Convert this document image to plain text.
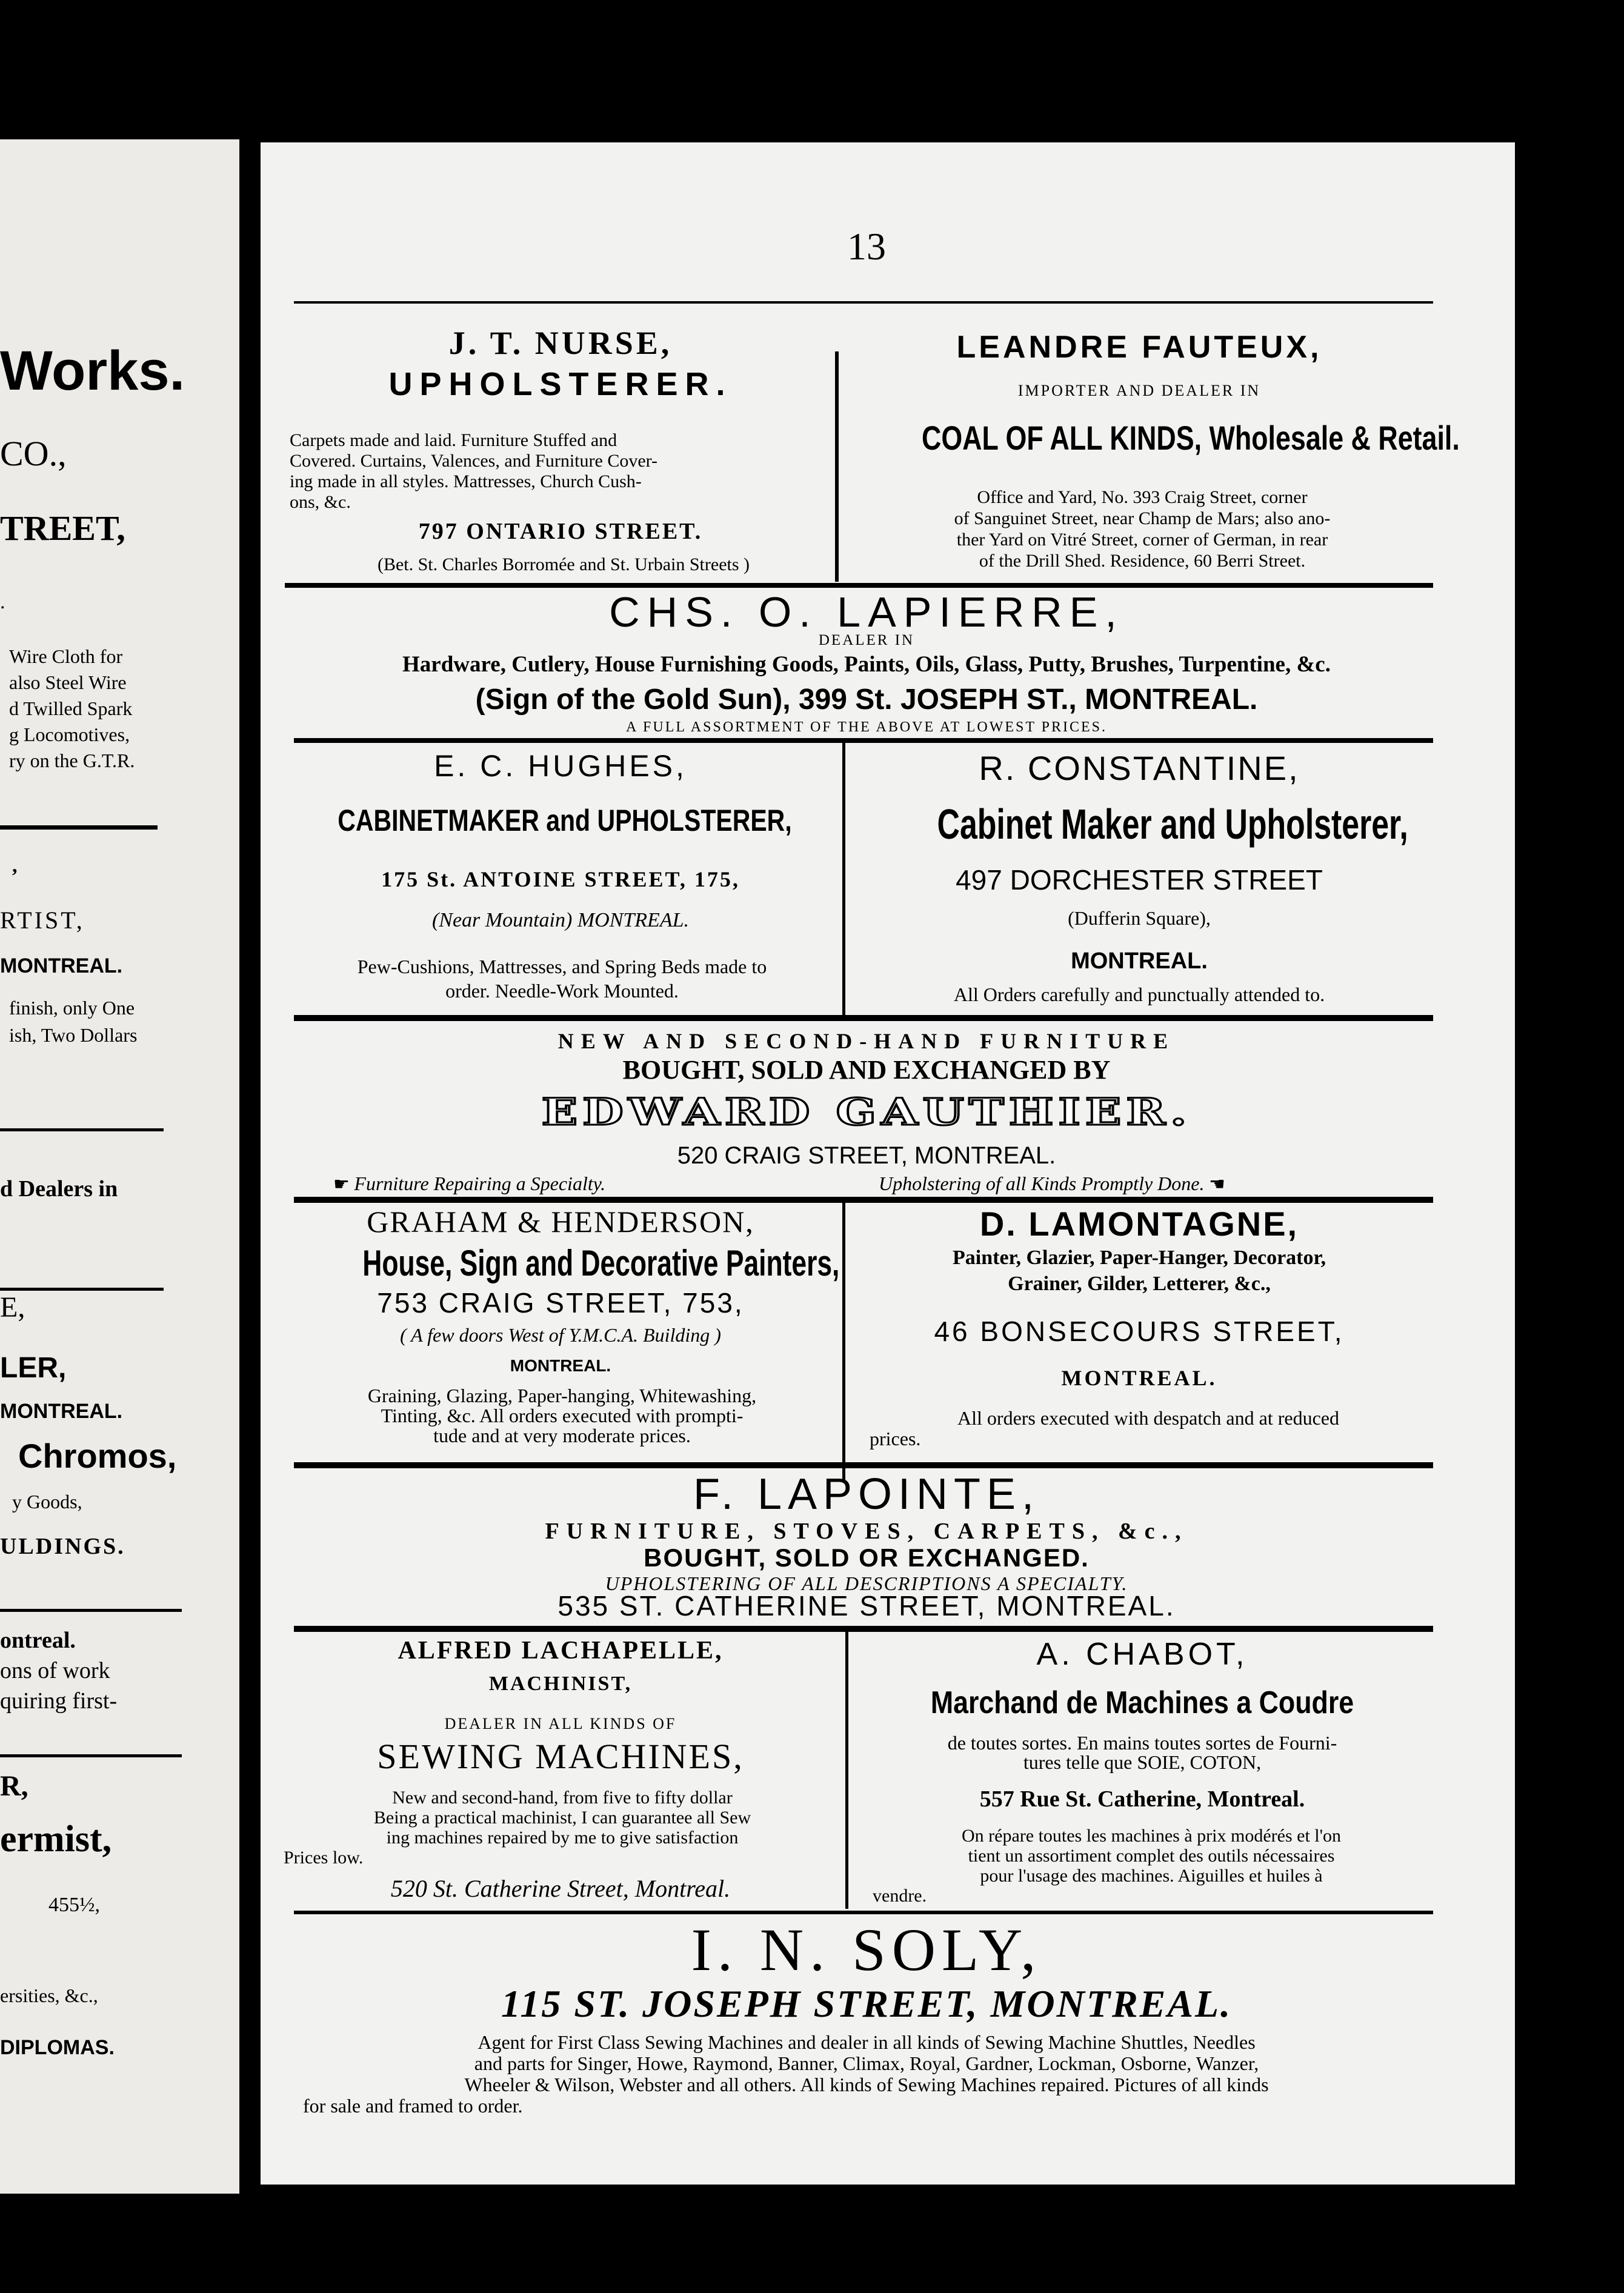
Works.
CO.,
TREET,
.
Wire Cloth for
also Steel Wire
d Twilled Spark
g Locomotives,
ry on the G.T.R.
,
RTIST,
MONTREAL.
finish, only One
ish, Two Dollars
d Dealers in
E,
LER,
MONTREAL.
Chromos,
y Goods,
ULDINGS.
ontreal.
ons of work
quiring first-
R,
ermist,
455½,
ersities, &c.,
DIPLOMAS.
13
J. T. NURSE,
UPHOLSTERER.
Carpets made and laid. Furniture Stuffed and
Covered. Curtains, Valences, and Furniture Cover-
ing made in all styles. Mattresses, Church Cush-
ons, &c.
797 ONTARIO STREET.
(Bet. St. Charles Borromée and St. Urbain Streets )
LEANDRE FAUTEUX,
IMPORTER AND DEALER IN
COAL OF ALL KINDS, Wholesale & Retail.
Office and Yard, No. 393 Craig Street, corner
of Sanguinet Street, near Champ de Mars; also ano-
ther Yard on Vitré Street, corner of German, in rear
of the Drill Shed. Residence, 60 Berri Street.
CHS. O. LAPIERRE,
DEALER IN
Hardware, Cutlery, House Furnishing Goods, Paints, Oils, Glass, Putty, Brushes, Turpentine, &c.
(Sign of the Gold Sun), 399 St. JOSEPH ST., MONTREAL.
A FULL ASSORTMENT OF THE ABOVE AT LOWEST PRICES.
E. C. HUGHES,
CABINETMAKER and UPHOLSTERER,
175 St. ANTOINE STREET, 175,
(Near Mountain) MONTREAL.
Pew-Cushions, Mattresses, and Spring Beds made to
order. Needle-Work Mounted.
R. CONSTANTINE,
Cabinet Maker and Upholsterer,
497 DORCHESTER STREET
(Dufferin Square),
MONTREAL.
All Orders carefully and punctually attended to.
NEW AND SECOND-HAND FURNITURE
BOUGHT, SOLD AND EXCHANGED BY
EDWARD GAUTHIER.
520 CRAIG STREET, MONTREAL.
☛ Furniture Repairing a Specialty.	Upholstering of all Kinds Promptly Done. ☚
GRAHAM & HENDERSON,
House, Sign and Decorative Painters,
753 CRAIG STREET, 753,
( A few doors West of Y.M.C.A. Building )
MONTREAL.
Graining, Glazing, Paper-hanging, Whitewashing,
Tinting, &c. All orders executed with prompti-
tude and at very moderate prices.
D. LAMONTAGNE,
Painter, Glazier, Paper-Hanger, Decorator,
Grainer, Gilder, Letterer, &c.,
46 BONSECOURS STREET,
MONTREAL.
All orders executed with despatch and at reduced
prices.
F. LAPOINTE,
FURNITURE, STOVES, CARPETS, &c.,
BOUGHT, SOLD OR EXCHANGED.
UPHOLSTERING OF ALL DESCRIPTIONS A SPECIALTY.
535 ST. CATHERINE STREET, MONTREAL.
ALFRED LACHAPELLE,
MACHINIST,
DEALER IN ALL KINDS OF
SEWING MACHINES,
New and second-hand, from five to fifty dollar
Being a practical machinist, I can guarantee all Sew
ing machines repaired by me to give satisfaction
Prices low.
520 St. Catherine Street, Montreal.
A. CHABOT,
Marchand de Machines a Coudre
de toutes sortes. En mains toutes sortes de Fourni-
tures telle que SOIE, COTON,
557 Rue St. Catherine, Montreal.
On répare toutes les machines à prix modérés et l'on
tient un assortiment complet des outils nécessaires
pour l'usage des machines. Aiguilles et huiles à
vendre.
I. N. SOLY,
115 ST. JOSEPH STREET, MONTREAL.
Agent for First Class Sewing Machines and dealer in all kinds of Sewing Machine Shuttles, Needles
and parts for Singer, Howe, Raymond, Banner, Climax, Royal, Gardner, Lockman, Osborne, Wanzer,
Wheeler & Wilson, Webster and all others. All kinds of Sewing Machines repaired. Pictures of all kinds
for sale and framed to order.
